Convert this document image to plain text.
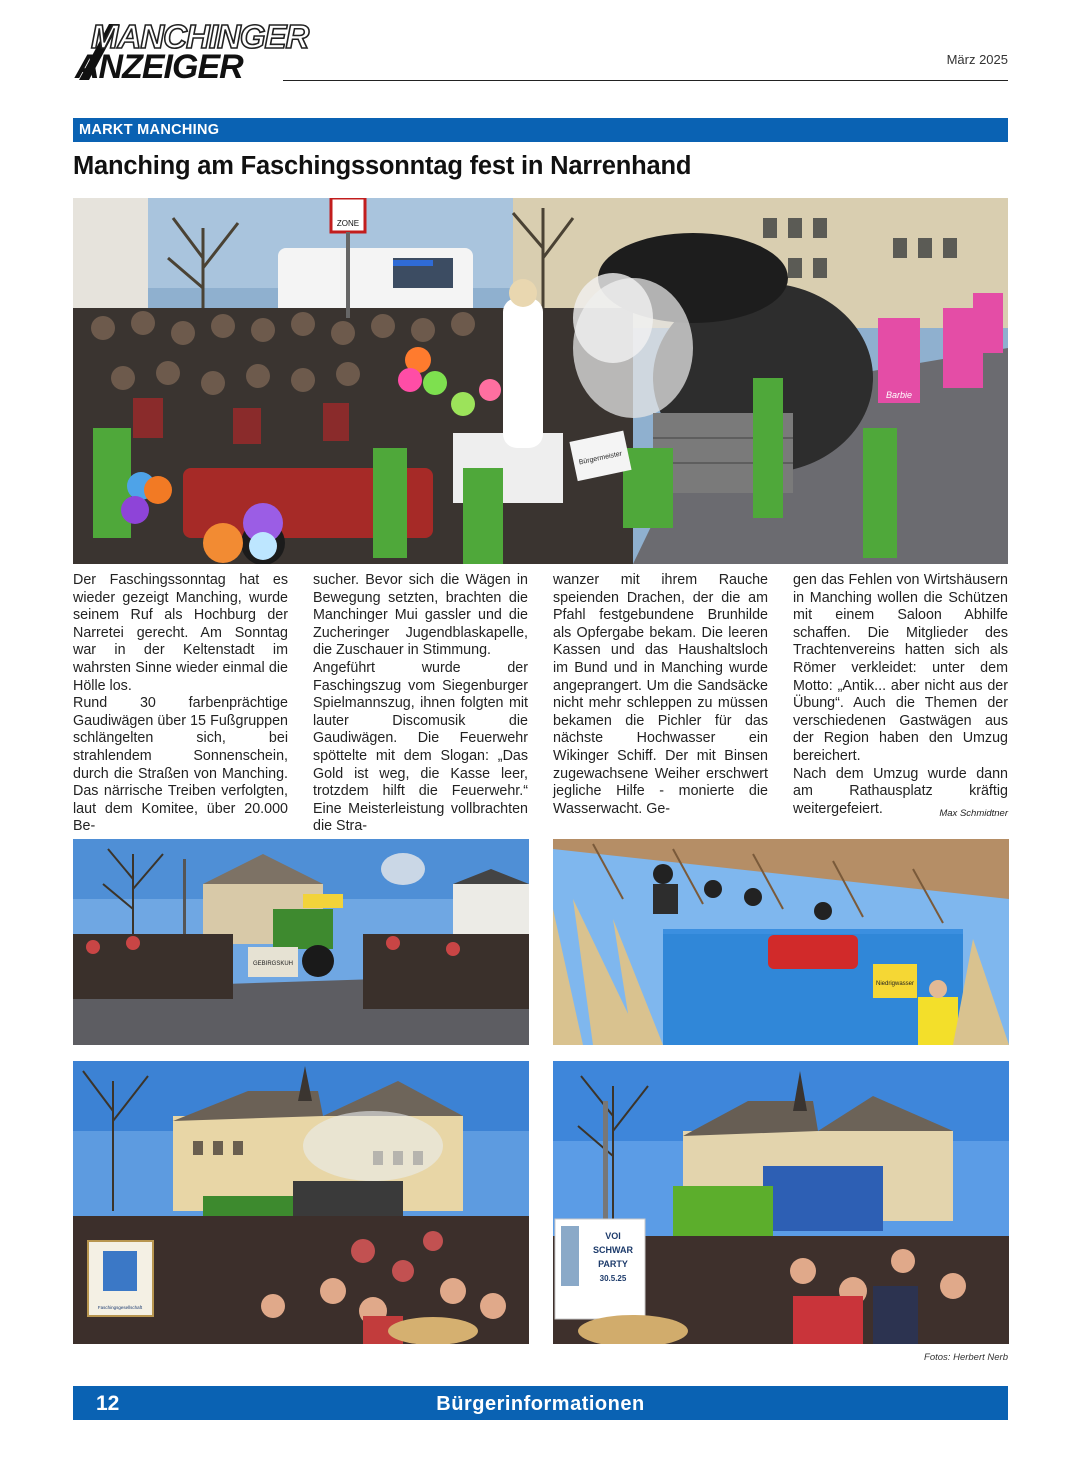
MANCHINGER
ANZEIGER	März 2025
MARKT MANCHING
Manching am Faschingssonntag fest in Narrenhand
ZONE
Bürgermeister
Barbie

Der Faschingssonntag hat es wieder gezeigt Manching, wurde seinem Ruf als Hochburg der Narretei gerecht. Am Sonntag war in der Keltenstadt im wahrsten Sinne wieder einmal die Hölle los.

Rund 30 farbenprächtige Gaudiwägen über 15 Fußgruppen schlängelten sich, bei strahlendem Sonnenschein, durch die Straßen von Manching. Das närrische Treiben verfolgten, laut dem Komitee, über 20.000 Be-

sucher. Bevor sich die Wägen in Bewegung setzten, brachten die Manchinger Mui gassler und die Zucheringer Jugendblaskapelle, die Zuschauer in Stimmung.

Angeführt wurde der Faschingszug vom Siegenburger Spielmannszug, ihnen folgten mit lauter Discomusik die Gaudiwägen. Die Feuerwehr spöttelte mit dem Slogan: „Das Gold ist weg, die Kasse leer, trotzdem hilft die Feuerwehr.“ Eine Meisterleistung vollbrachten die Stra-

wanzer mit ihrem Rauche speienden Drachen, der die am Pfahl festgebundene Brunhilde als Opfergabe bekam. Die leeren Kassen und das Haushaltsloch im Bund und in Manching wurde angeprangert. Um die Sandsäcke nicht mehr schleppen zu müssen bekamen die Pichler für das nächste Hochwasser ein Wikinger Schiff. Der mit Binsen zugewachsene Weiher erschwert jegliche Hilfe - monierte die Wasserwacht. Ge-

gen das Fehlen von Wirtshäusern in Manching wollen die Schützen mit einem Saloon Abhilfe schaffen. Die Mitglieder des Trachtenvereins hatten sich als Römer verkleidet: unter dem Motto: „Antik... aber nicht aus der Übung“. Auch die Themen der verschiedenen Gastwägen aus der Region haben den Umzug bereichert.

Nach dem Umzug wurde dann am Rathausplatz kräftig weitergefeiert.	Max Schmidtner

GEBIRGSKUH
Niedrigwasser
Faschingsgesellschaft
VOI
SCHWAR
PARTY
30.5.25
Fotos: Herbert Nerb
12	Bürgerinformationen
